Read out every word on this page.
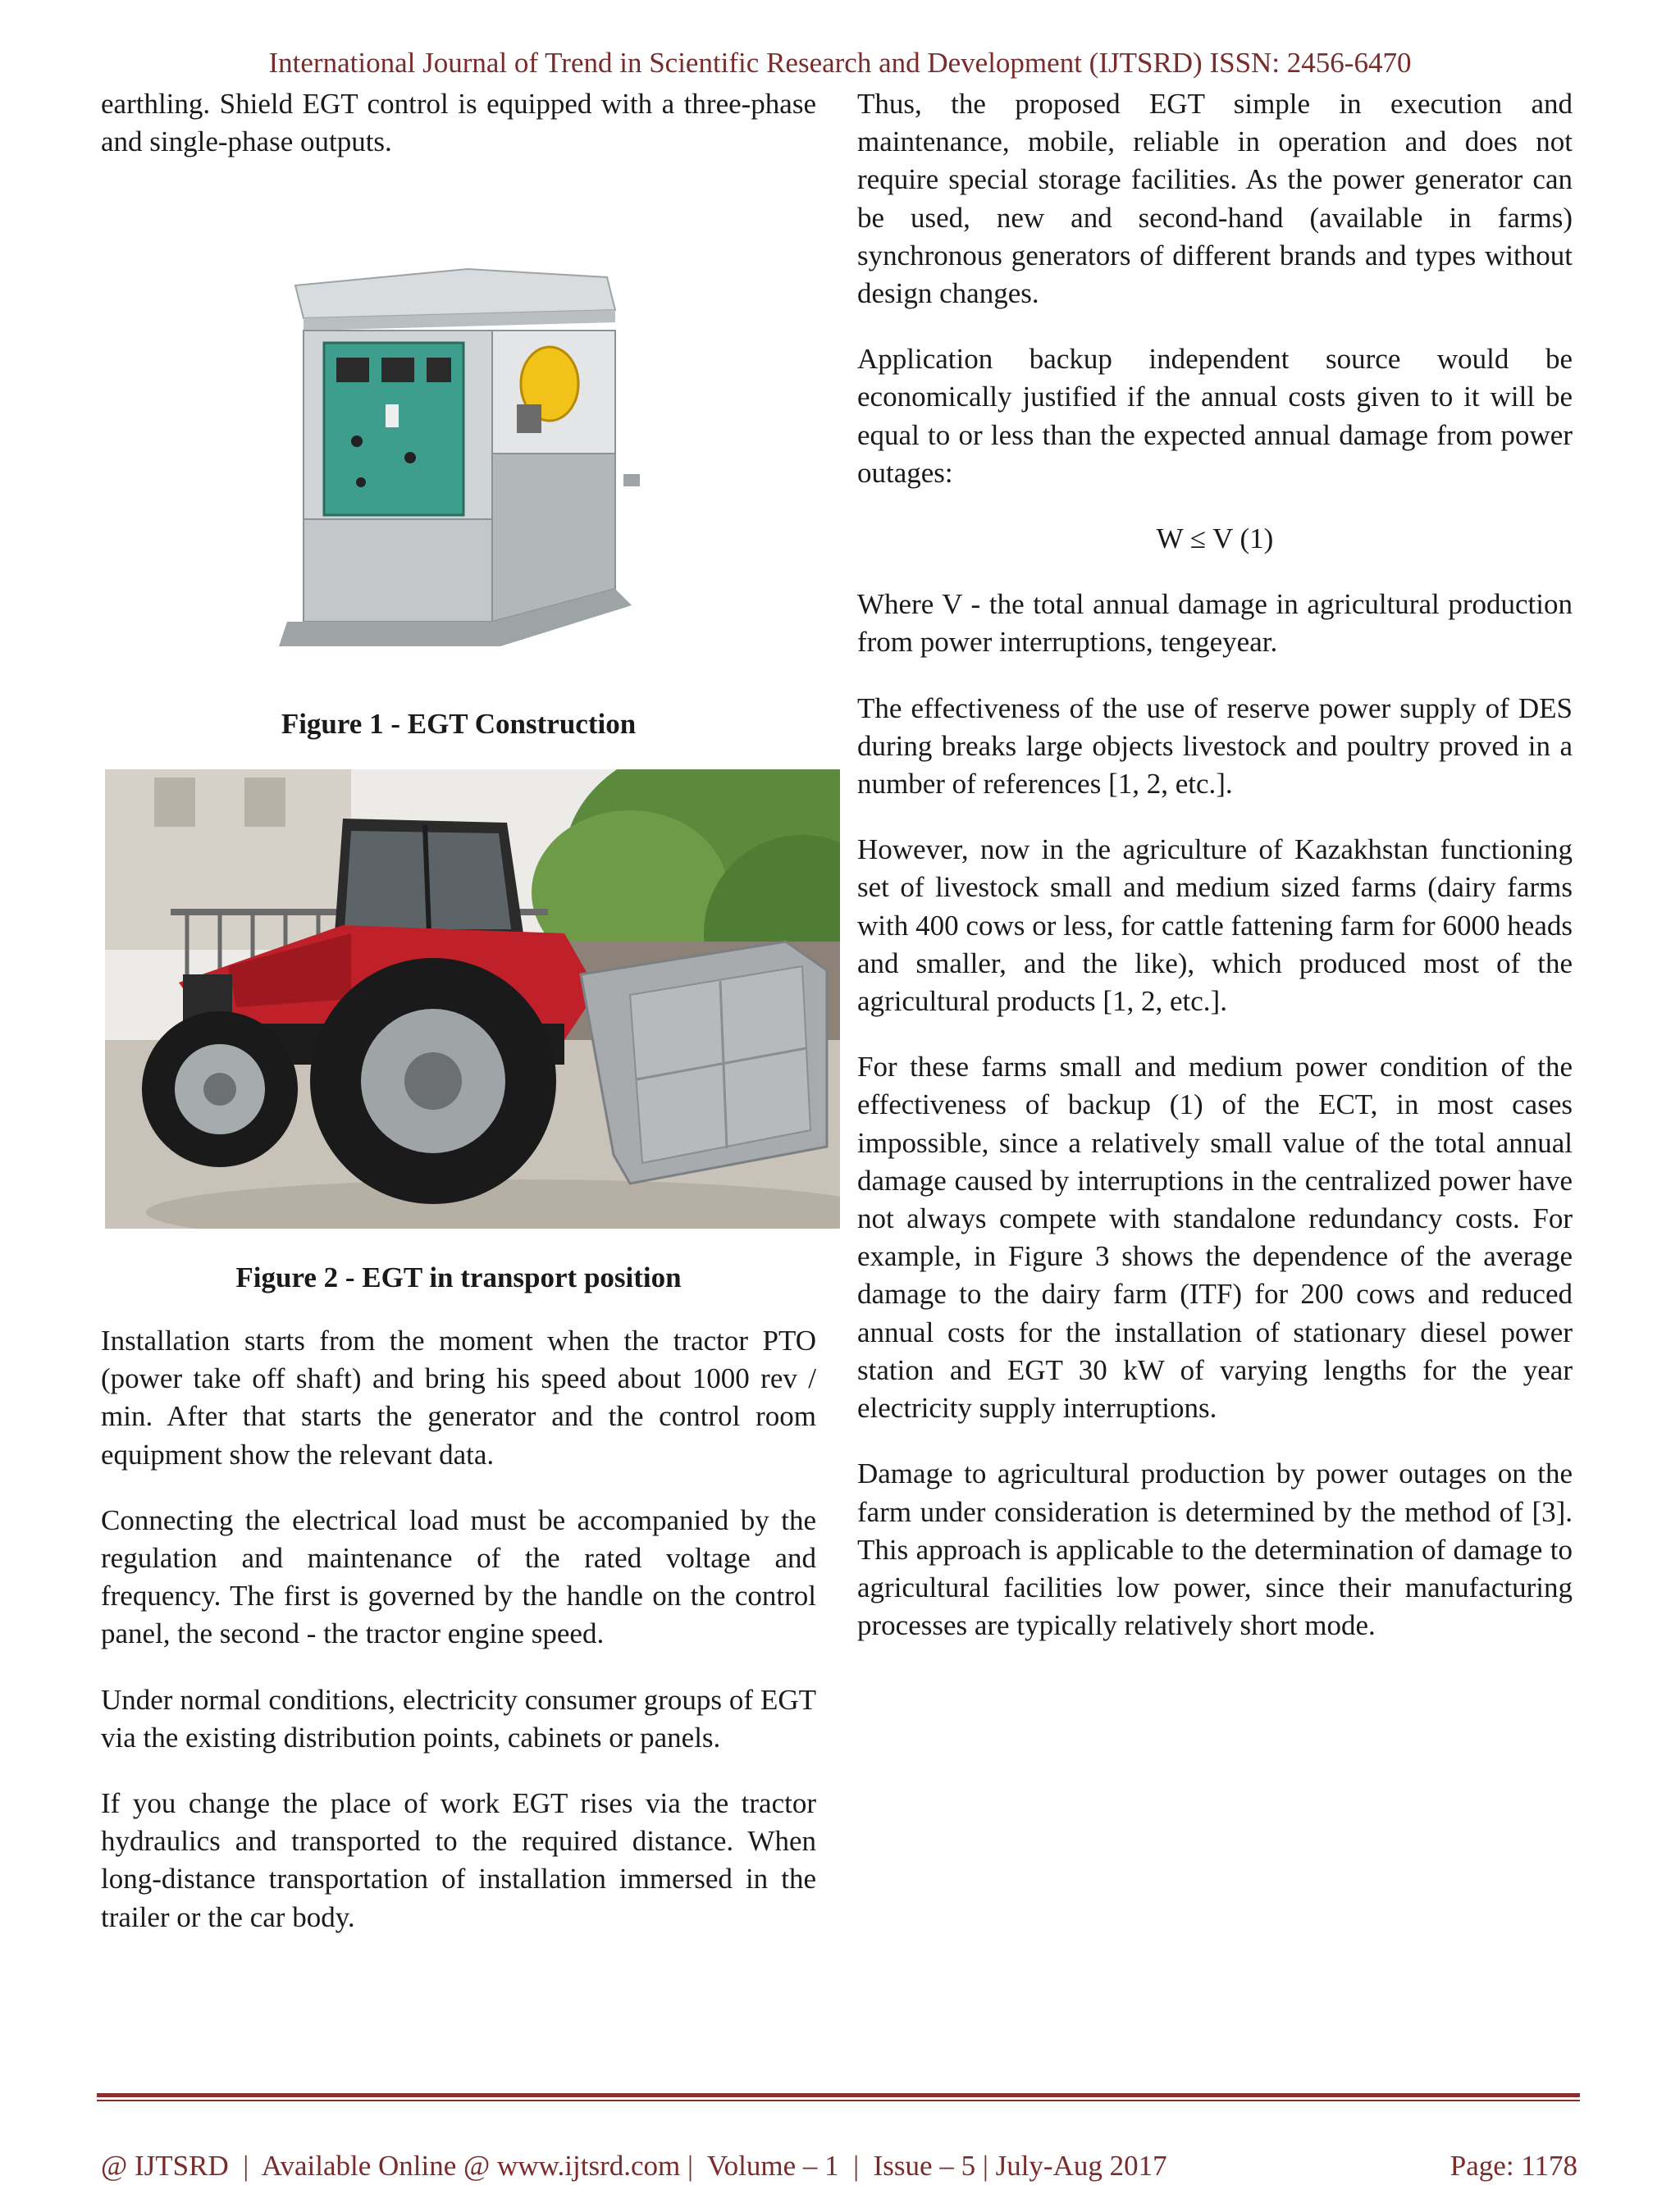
International Journal of Trend in Scientific Research and Development (IJTSRD) ISSN: 2456-6470

earthling. Shield EGT control is equipped with a three-phase and single-phase outputs.

Figure 1 - EGT Construction
Figure 2 - EGT in transport position

Installation starts from the moment when the tractor PTO (power take off shaft) and bring his speed about 1000 rev / min. After that starts the generator and the control room equipment show the relevant data.

Connecting the electrical load must be accompanied by the regulation and maintenance of the rated voltage and frequency. The first is governed by the handle on the control panel, the second - the tractor engine speed.

Under normal conditions, electricity consumer groups of EGT via the existing distribution points, cabinets or panels.

If you change the place of work EGT rises via the tractor hydraulics and transported to the required distance. When long-distance transportation of installation immersed in the trailer or the car body.

Thus, the proposed EGT simple in execution and maintenance, mobile, reliable in operation and does not require special storage facilities. As the power generator can be used, new and second-hand (available in farms) synchronous generators of different brands and types without design changes.

Application backup independent source would be economically justified if the annual costs given to it will be equal to or less than the expected annual damage from power outages:

W ≤ V (1)

Where V - the total annual damage in agricultural production from power interruptions, tengeyear.

The effectiveness of the use of reserve power supply of DES during breaks large objects livestock and poultry proved in a number of references [1, 2, etc.].

However, now in the agriculture of Kazakhstan functioning set of livestock small and medium sized farms (dairy farms with 400 cows or less, for cattle fattening farm for 6000 heads and smaller, and the like), which produced most of the agricultural products [1, 2, etc.].

For these farms small and medium power condition of the effectiveness of backup (1) of the ECT, in most cases impossible, since a relatively small value of the total annual damage caused by interruptions in the centralized power have not always compete with standalone redundancy costs. For example, in Figure 3 shows the dependence of the average damage to the dairy farm (ITF) for 200 cows and reduced annual costs for the installation of stationary diesel power station and EGT 30 kW of varying lengths for the year electricity supply interruptions.

Damage to agricultural production by power outages on the farm under consideration is determined by the method of [3]. This approach is applicable to the determination of damage to agricultural facilities low power, since their manufacturing processes are typically relatively short mode.

@ IJTSRD  |  Available Online @ www.ijtsrd.com |  Volume – 1  |  Issue – 5 | July-Aug 2017	Page: 1178
